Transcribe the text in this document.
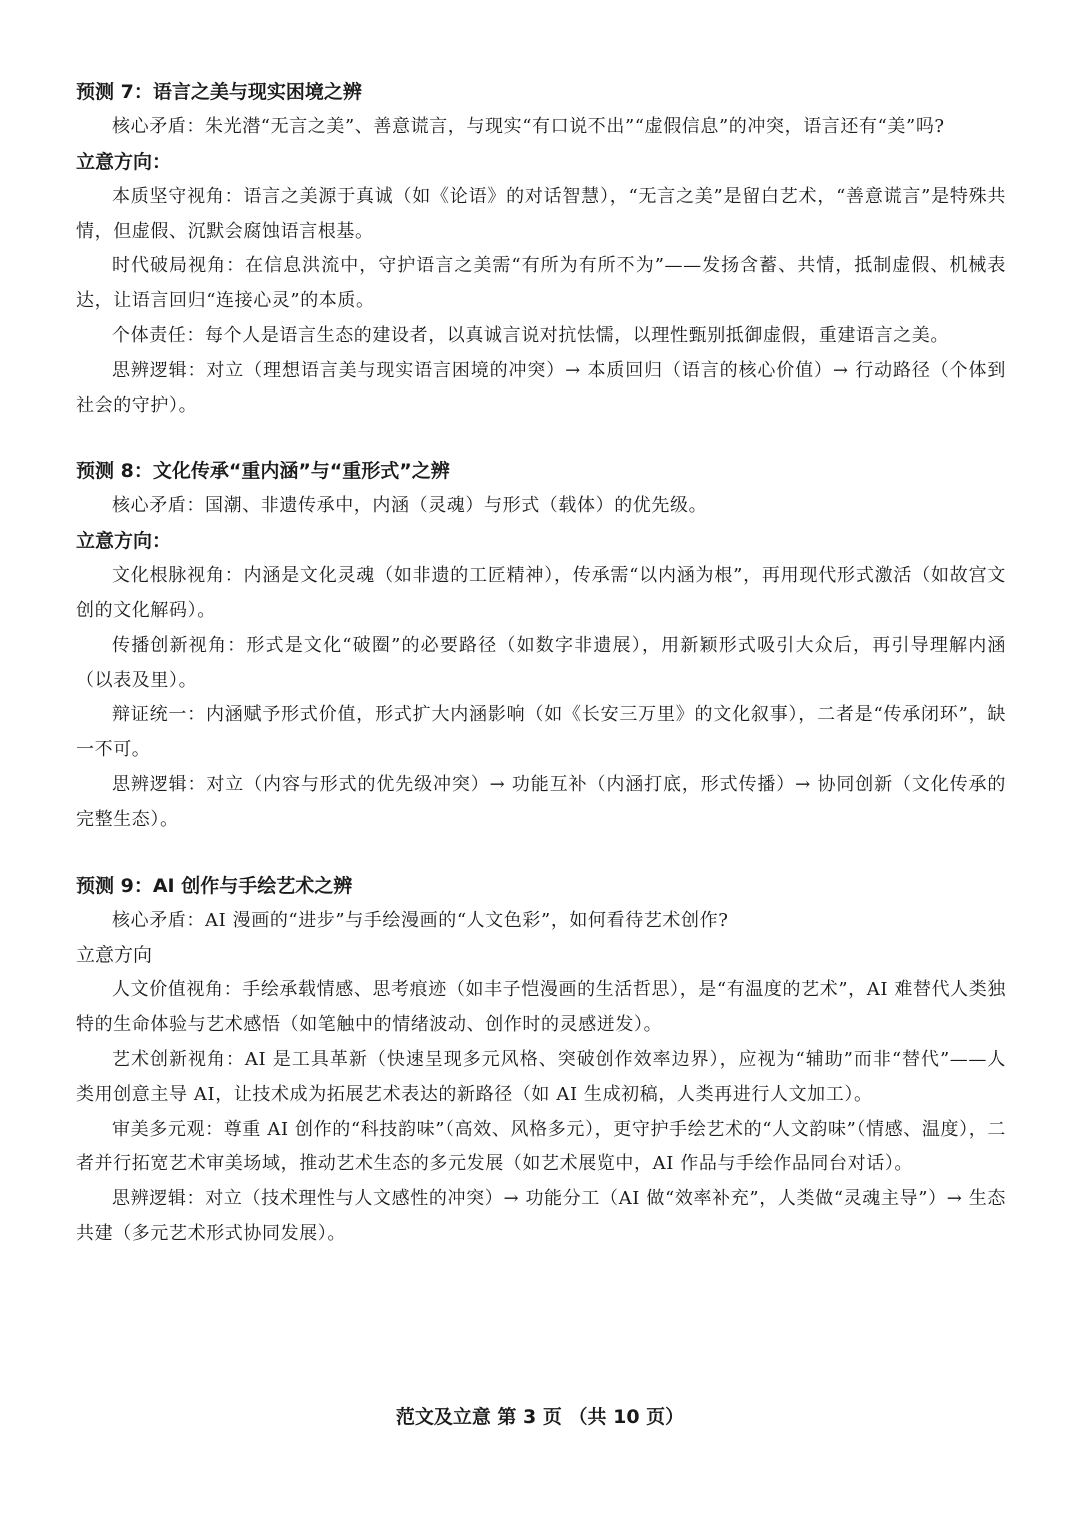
预测 7：语言之美与现实困境之辨

核心矛盾：朱光潜“无言之美”、善意谎言，与现实“有口说不出”“虚假信息”的冲突，语言还有“美”吗?

立意方向：

本质坚守视角：语言之美源于真诚（如《论语》的对话智慧），“无言之美”是留白艺术，“善意谎言”是特殊共情，但虚假、沉默会腐蚀语言根基。

时代破局视角：在信息洪流中，守护语言之美需“有所为有所不为”——发扬含蓄、共情，抵制虚假、机械表达，让语言回归“连接心灵”的本质。

个体责任：每个人是语言生态的建设者，以真诚言说对抗怯懦，以理性甄别抵御虚假，重建语言之美。

思辨逻辑：对立（理想语言美与现实语言困境的冲突）→ 本质回归（语言的核心价值）→ 行动路径（个体到社会的守护）。

预测 8：文化传承“重内涵”与“重形式”之辨

核心矛盾：国潮、非遗传承中，内涵（灵魂）与形式（载体）的优先级。

立意方向：

文化根脉视角：内涵是文化灵魂（如非遗的工匠精神），传承需“以内涵为根”，再用现代形式激活（如故宫文创的文化解码）。

传播创新视角：形式是文化“破圈”的必要路径（如数字非遗展），用新颖形式吸引大众后，再引导理解内涵（以表及里）。

辩证统一：内涵赋予形式价值，形式扩大内涵影响（如《长安三万里》的文化叙事），二者是“传承闭环”，缺一不可。

思辨逻辑：对立（内容与形式的优先级冲突）→ 功能互补（内涵打底，形式传播）→ 协同创新（文化传承的完整生态）。

预测 9：AI 创作与手绘艺术之辨

核心矛盾：AI 漫画的“进步”与手绘漫画的“人文色彩”，如何看待艺术创作?

立意方向

人文价值视角：手绘承载情感、思考痕迹（如丰子恺漫画的生活哲思），是“有温度的艺术”，AI 难替代人类独特的生命体验与艺术感悟（如笔触中的情绪波动、创作时的灵感迸发）。

艺术创新视角：AI 是工具革新（快速呈现多元风格、突破创作效率边界），应视为“辅助”而非“替代”——人类用创意主导 AI，让技术成为拓展艺术表达的新路径（如 AI 生成初稿，人类再进行人文加工）。

审美多元观：尊重 AI 创作的“科技韵味”（高效、风格多元），更守护手绘艺术的“人文韵味”（情感、温度），二者并行拓宽艺术审美场域，推动艺术生态的多元发展（如艺术展览中，AI 作品与手绘作品同台对话）。

思辨逻辑：对立（技术理性与人文感性的冲突）→ 功能分工（AI 做“效率补充”，人类做“灵魂主导”）→ 生态共建（多元艺术形式协同发展）。

范文及立意 第 3 页 （共 10 页）
